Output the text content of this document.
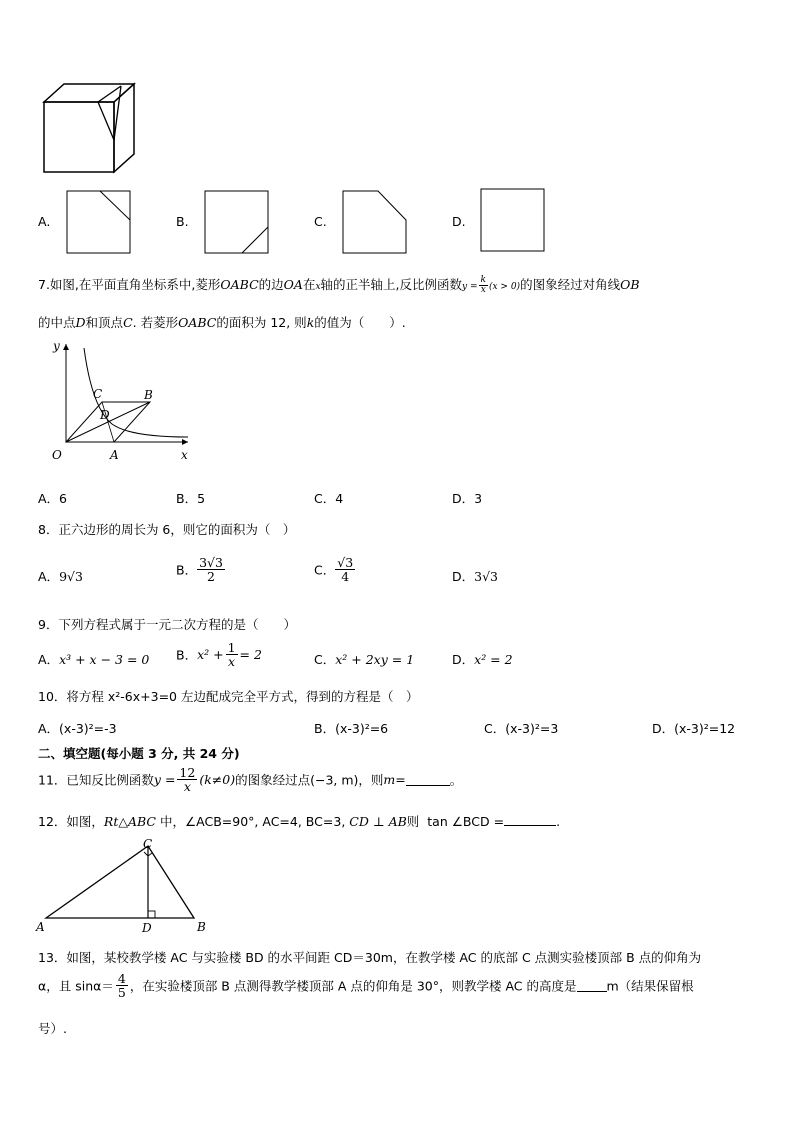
A.	B.	C.	D.
7.如图,在平面直角坐标系中,菱形OABC的边OA在x轴的正半轴上,反比例函数$y = \frac{k}{x} (x > 0)$的图象经过对角线OB
的中点D和顶点C. 若菱形OABC的面积为 12, 则k的值为（　　）.
y
x
O	A
B
C
D
A．6	B．5	C．4	D．3
8．正六边形的周长为 6，则它的面积为（　）
A．9√3	B． $\frac{3√3}{2}$	C． $\frac{√3}{4}$	D．3√3
9．下列方程式属于一元二次方程的是（　　）
A．x³ + x − 3 = 0 B．$x^2 + \frac{1}{x} = 2$	C．x² + 2xy = 1	D．x² = 2
10．将方程 x²-6x+3=0 左边配成完全平方式，得到的方程是（　）
A．(x-3)²=-3	B．(x-3)²=6	C．(x-3)²=3	D．(x-3)²=12
二、填空题(每小题 3 分, 共 24 分)
11．已知反比例函数$y = \frac{12}{x} (k\ne 0)$的图象经过点(−3, m)，则m=	。
12．如图，Rt△ABC 中，∠ACB=90°, AC=4, BC=3, CD ⊥ AB则 tan ∠BCD =	.
A	B
C
D
13．如图，某校教学楼 AC 与实验楼 BD 的水平间距 CD＝30m，在教学楼 AC 的底部 C 点测实验楼顶部 B 点的仰角为
α，且 $\sin\alpha= \frac{4}{5}$ ，在实验楼顶部 B 点测得教学楼顶部 A 点的仰角是 30°，则教学楼 AC 的高度是 m（结果保留根
号）.
